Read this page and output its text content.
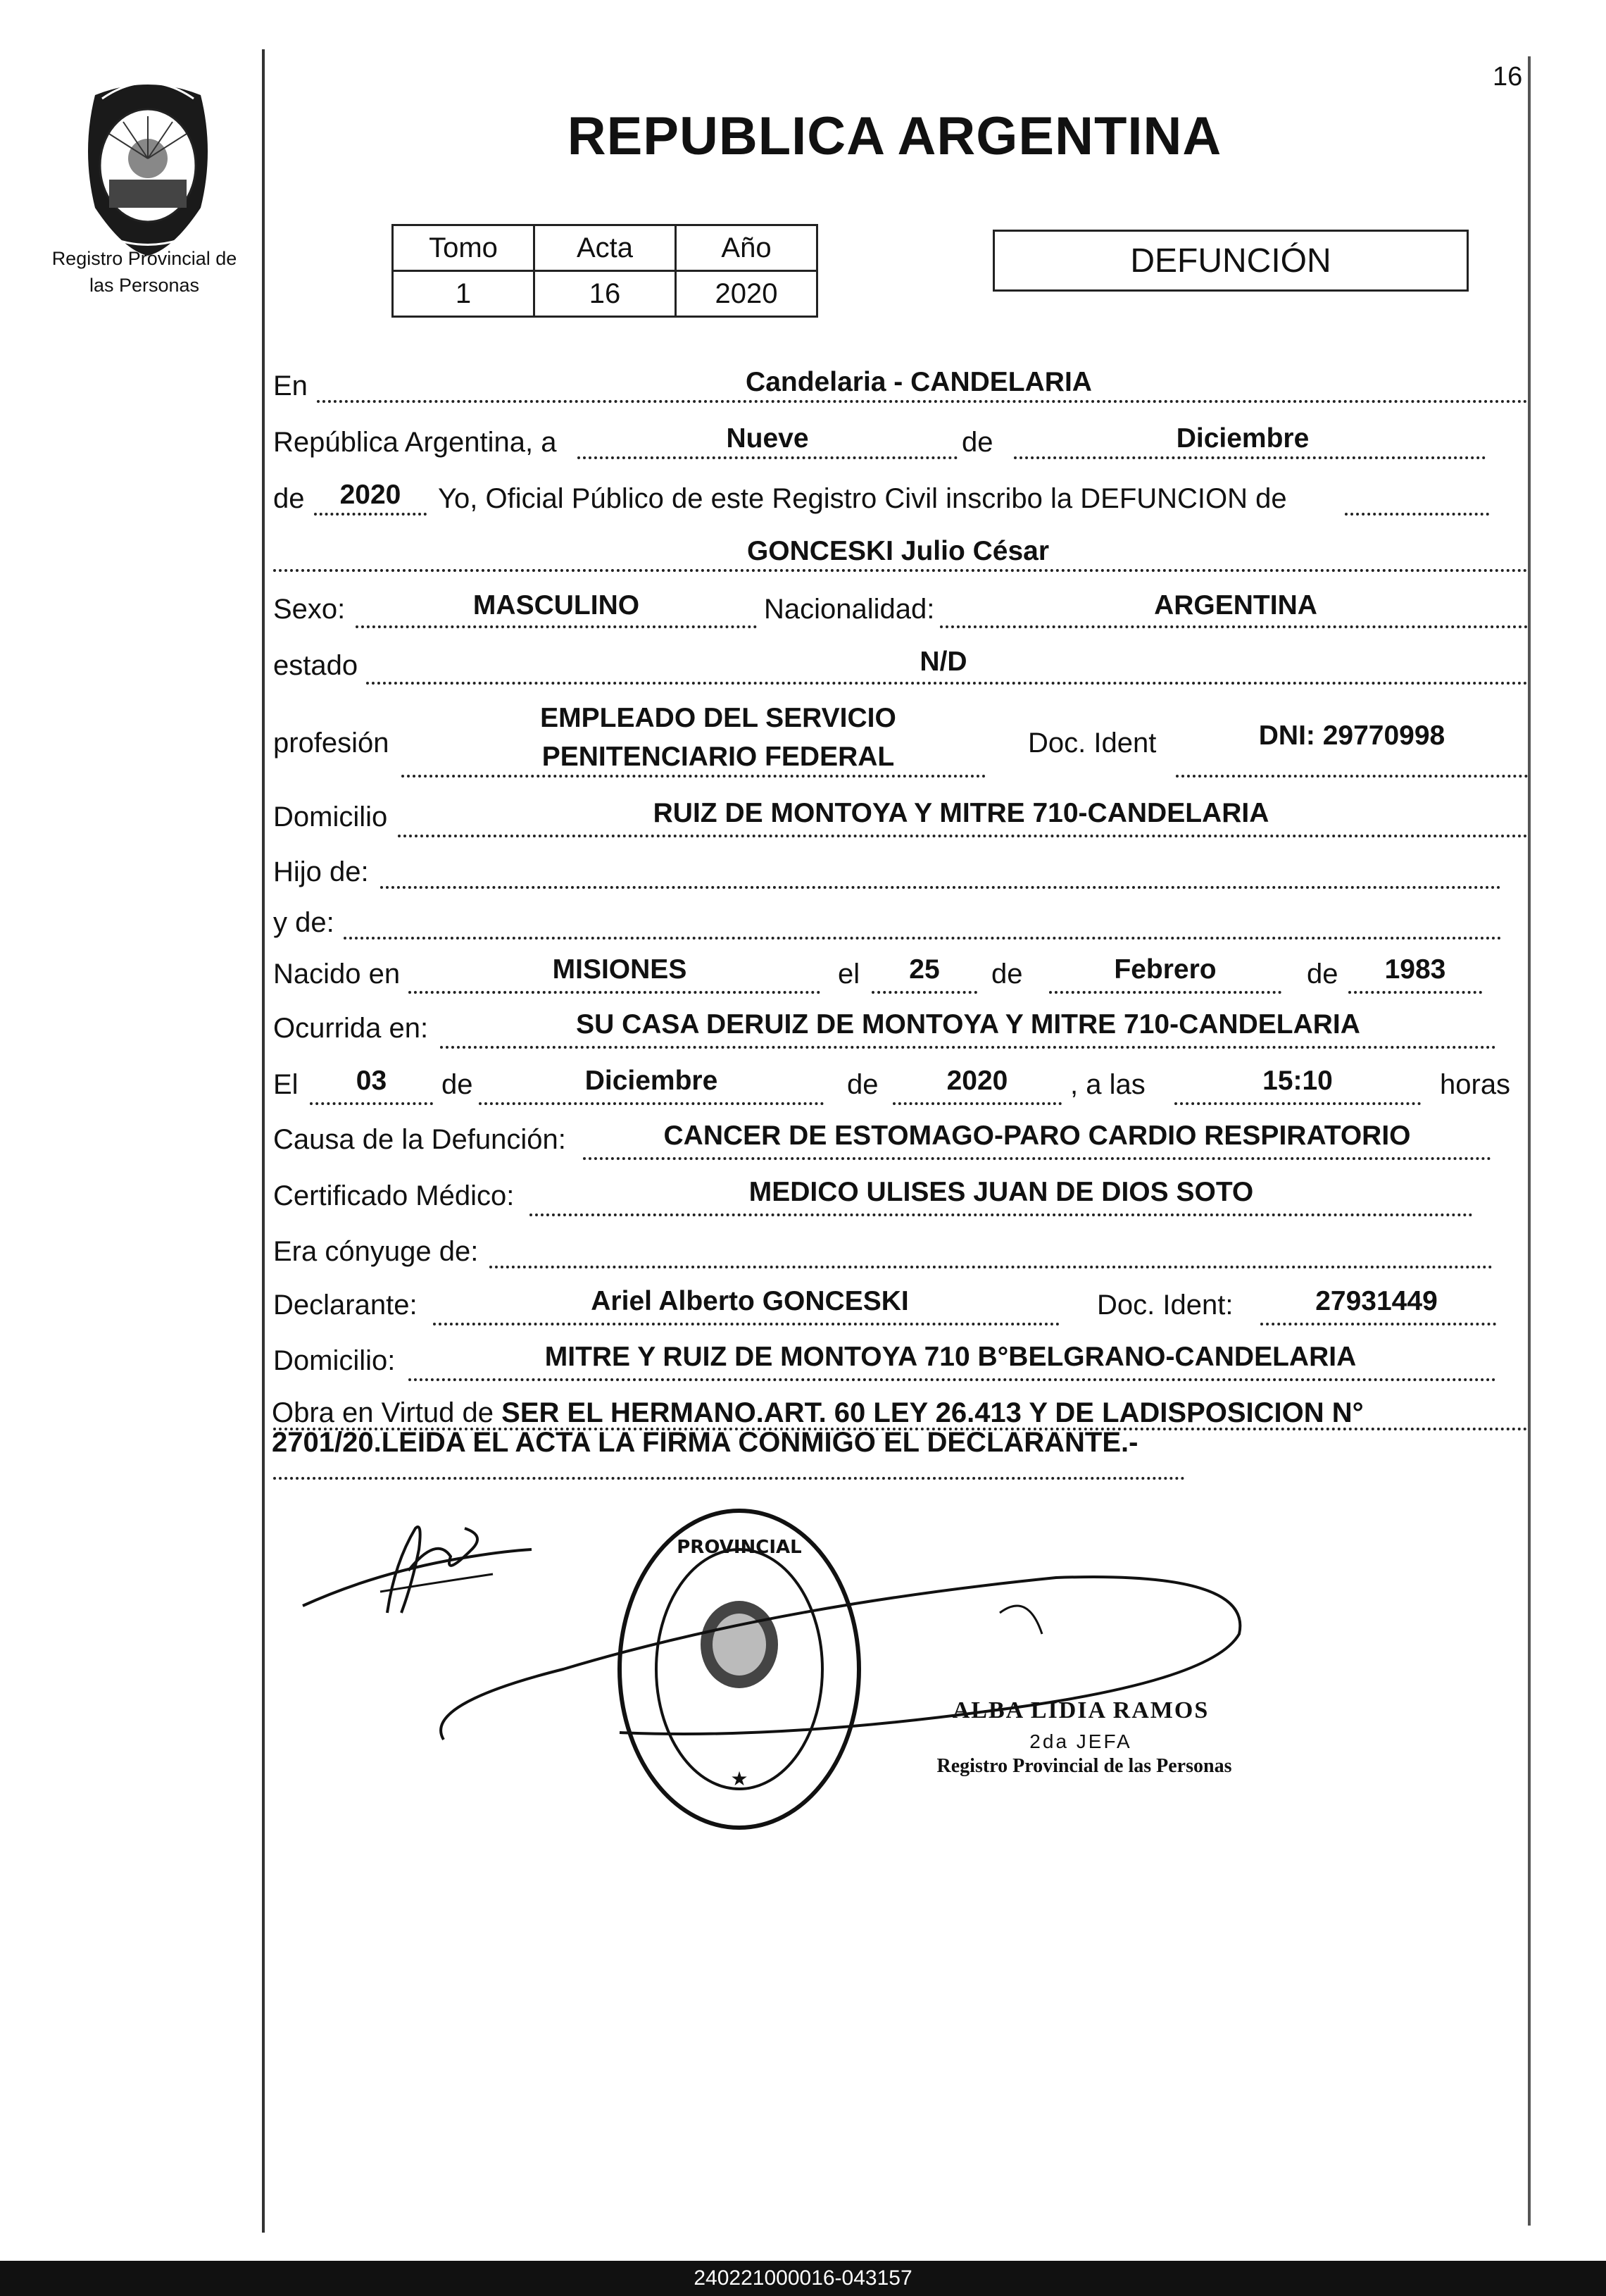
Registro Provincial de las Personas
16
REPUBLICA ARGENTINA
Tomo	Acta	Año
1	16	2020
DEFUNCIÓN
En	Candelaria - CANDELARIA
República Argentina, a	Nueve	de	Diciembre
de	2020	Yo, Oficial Público de este Registro Civil inscribo la DEFUNCION de
GONCESKI Julio César
Sexo:	MASCULINO	Nacionalidad:	ARGENTINA
estado	N/D
profesión
EMPLEADO DEL SERVICIO
PENITENCIARIO FEDERAL	Doc. Ident	DNI: 29770998
Domicilio	RUIZ DE MONTOYA Y MITRE 710-CANDELARIA
Hijo de:
y de:
Nacido en	MISIONES	el	25	de	Febrero	de	1983
Ocurrida en:	SU CASA DERUIZ DE MONTOYA Y MITRE 710-CANDELARIA
El	03	de	Diciembre	de	2020	, a las	15:10	horas
Causa de la Defunción:	CANCER DE ESTOMAGO-PARO CARDIO RESPIRATORIO
Certificado Médico:	MEDICO ULISES JUAN DE DIOS SOTO
Era cónyuge de:
Declarante:	Ariel Alberto GONCESKI	Doc. Ident:	27931449
Domicilio:	MITRE Y RUIZ DE MONTOYA 710 B°BELGRANO-CANDELARIA
Obra en Virtud de SER EL HERMANO.ART. 60 LEY 26.413 Y DE LADISPOSICION N° 2701/20.LEIDA EL ACTA LA FIRMA CONMIGO EL DECLARANTE.-
PROVINCIAL
★
ALBA LIDIA RAMOS
2da JEFA
Registro Provincial de las Personas
240221000016-043157
